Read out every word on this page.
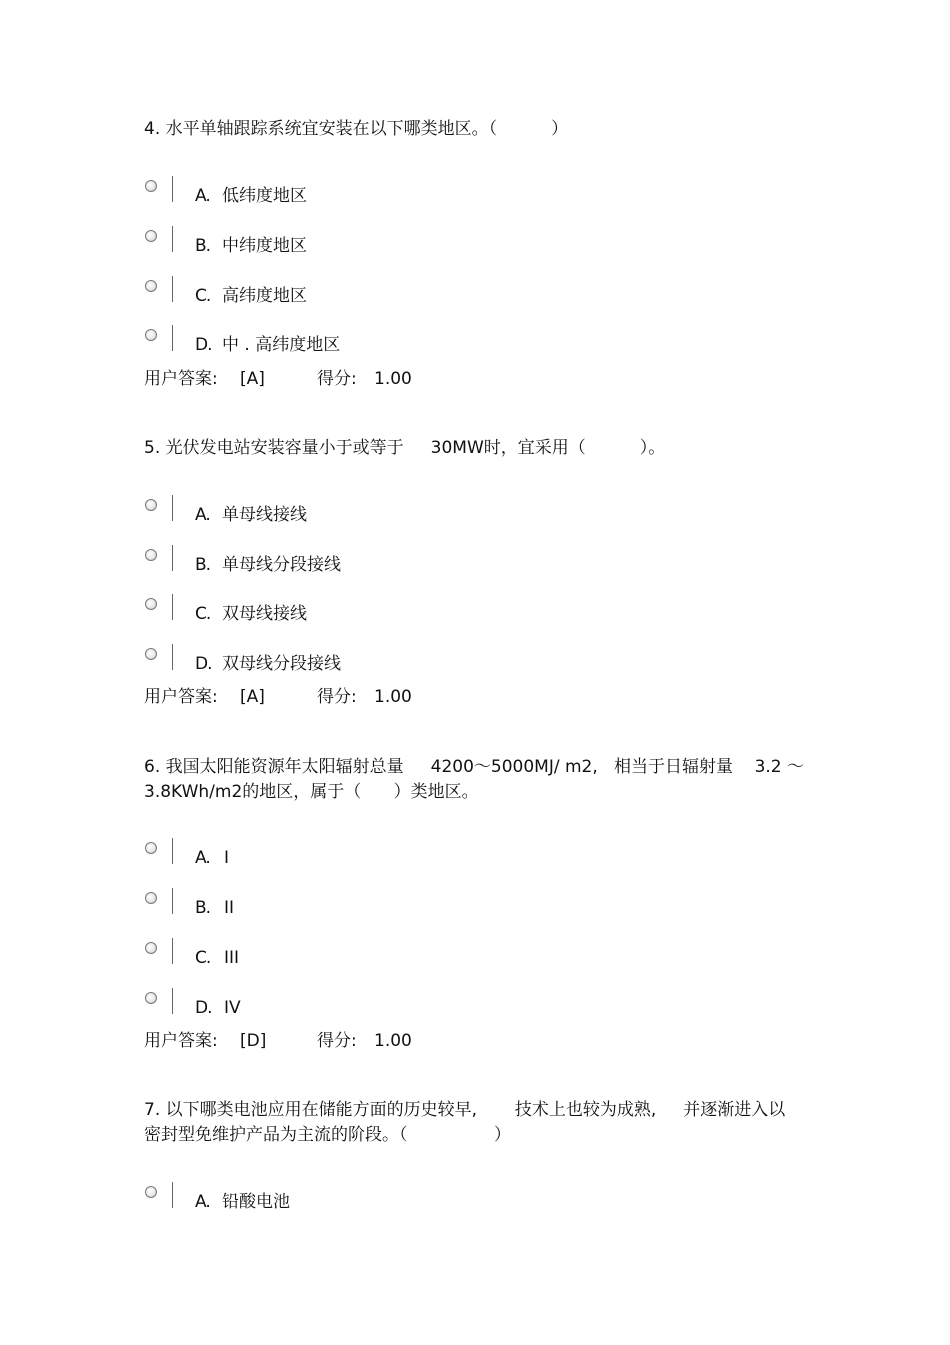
4. 水平单轴跟踪系统宜安装在以下哪类地区。（          ）
A. 低纬度地区
B. 中纬度地区
C. 高纬度地区
D. 中 . 高纬度地区

用户答案:

[A]

	得分:

1.00

5. 光伏发电站安装容量小于或等于     30MW时，宜采用（          ）。
A. 单母线接线
B. 单母线分段接线
C. 双母线接线
D. 双母线分段接线

用户答案:

[A]

	得分:

1.00

6. 我国太阳能资源年太阳辐射总量     4200～5000MJ/ m2,   相当于日辐射量    3.2 ～
3.8KWh/m2的地区，属于（      ）类地区。
A. I
B. II
C. III
D. IV

用户答案:

[D]

	得分:

1.00

7. 以下哪类电池应用在储能方面的历史较早,       技术上也较为成熟,     并逐渐进入以
密封型免维护产品为主流的阶段。（                ）
A. 铅酸电池
